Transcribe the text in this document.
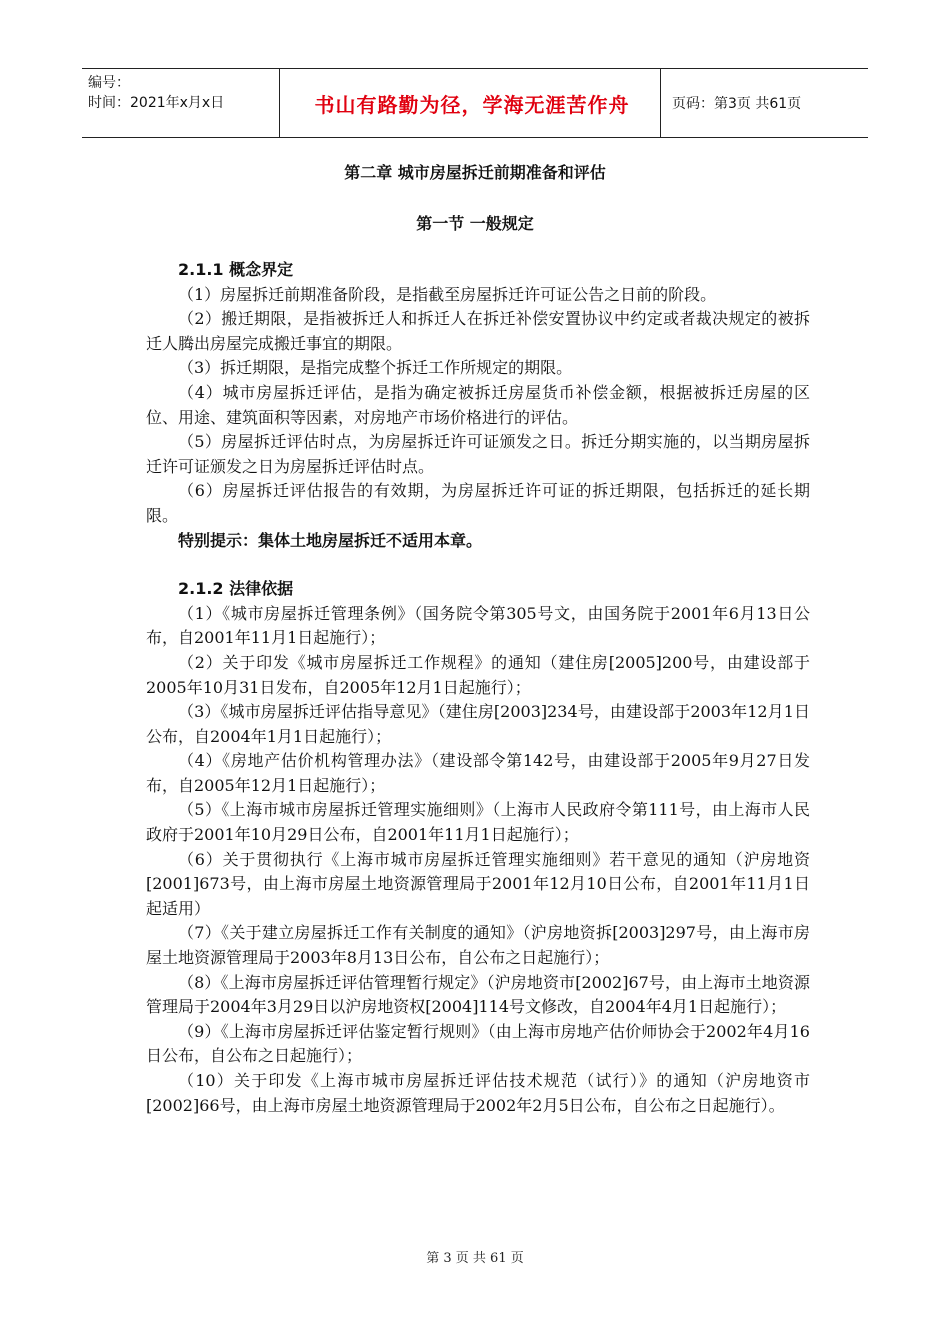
编号：
时间：2021年x月x日	书山有路勤为径，学海无涯苦作舟	页码：第3页 共61页
第二章 城市房屋拆迁前期准备和评估
第一节 一般规定

2.1.1 概念界定

（1）房屋拆迁前期准备阶段，是指截至房屋拆迁许可证公告之日前的阶段。

（2）搬迁期限，是指被拆迁人和拆迁人在拆迁补偿安置协议中约定或者裁决规定的被拆迁人腾出房屋完成搬迁事宜的期限。

（3）拆迁期限，是指完成整个拆迁工作所规定的期限。

（4）城市房屋拆迁评估，是指为确定被拆迁房屋货币补偿金额，根据被拆迁房屋的区位、用途、建筑面积等因素，对房地产市场价格进行的评估。

（5）房屋拆迁评估时点，为房屋拆迁许可证颁发之日。拆迁分期实施的，以当期房屋拆迁许可证颁发之日为房屋拆迁评估时点。

（6）房屋拆迁评估报告的有效期，为房屋拆迁许可证的拆迁期限，包括拆迁的延长期限。

特别提示：集体土地房屋拆迁不适用本章。

2.1.2 法律依据

（1）《城市房屋拆迁管理条例》（国务院令第305号文，由国务院于2001年6月13日公布，自2001年11月1日起施行）；

（2）关于印发《城市房屋拆迁工作规程》的通知（建住房[2005]200号，由建设部于2005年10月31日发布，自2005年12月1日起施行）；

（3）《城市房屋拆迁评估指导意见》（建住房[2003]234号，由建设部于2003年12月1日公布，自2004年1月1日起施行）；

（4）《房地产估价机构管理办法》（建设部令第142号，由建设部于2005年9月27日发布，自2005年12月1日起施行）；

（5）《上海市城市房屋拆迁管理实施细则》（上海市人民政府令第111号，由上海市人民政府于2001年10月29日公布，自2001年11月1日起施行）；

（6）关于贯彻执行《上海市城市房屋拆迁管理实施细则》若干意见的通知（沪房地资[2001]673号，由上海市房屋土地资源管理局于2001年12月10日公布，自2001年11月1日起适用）

（7）《关于建立房屋拆迁工作有关制度的通知》（沪房地资拆[2003]297号，由上海市房屋土地资源管理局于2003年8月13日公布，自公布之日起施行）；

（8）《上海市房屋拆迁评估管理暂行规定》（沪房地资市[2002]67号，由上海市土地资源管理局于2004年3月29日以沪房地资权[2004]114号文修改，自2004年4月1日起施行）；

（9）《上海市房屋拆迁评估鉴定暂行规则》（由上海市房地产估价师协会于2002年4月16日公布，自公布之日起施行）；

（10）关于印发《上海市城市房屋拆迁评估技术规范（试行）》的通知（沪房地资市[2002]66号，由上海市房屋土地资源管理局于2002年2月5日公布，自公布之日起施行）。

第 3 页 共 61 页
